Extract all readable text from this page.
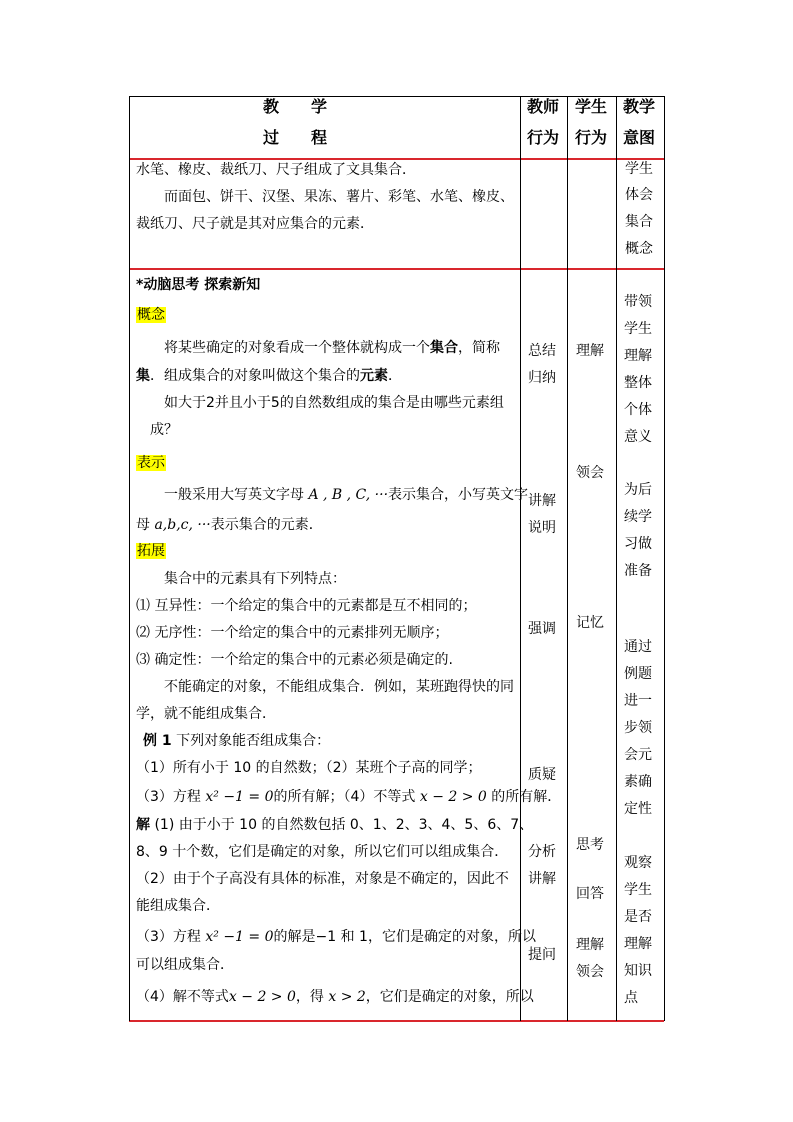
教　　学
过　　程
教师
行为
学生
行为
教学
意图
水笔、橡皮、裁纸刀、尺子组成了文具集合．
　　而面包、饼干、汉堡、果冻、薯片、彩笔、水笔、橡皮、
裁纸刀、尺子就是其对应集合的元素．
学生
体会
集合
概念
*动脑思考 探索新知
概念
　　将某些确定的对象看成一个整体就构成一个集合，简称
集．组成集合的对象叫做这个集合的元素．
　　如大于2并且小于5的自然数组成的集合是由哪些元素组
　成？
表示
　　一般采用大写英文字母 A , B , C, ···表示集合，小写英文字
母 a,b,c, ···表示集合的元素．
拓展
　　集合中的元素具有下列特点：
⑴ 互异性：一个给定的集合中的元素都是互不相同的；
⑵ 无序性：一个给定的集合中的元素排列无顺序；
⑶ 确定性：一个给定的集合中的元素必须是确定的.
　　不能确定的对象，不能组成集合．例如，某班跑得快的同
学，就不能组成集合．
例 1 下列对象能否组成集合：
（1）所有小于 10 的自然数；（2）某班个子高的同学；
（3）方程 x² −1 = 0的所有解；（4）不等式 x − 2 > 0 的所有解．
解 (1) 由于小于 10 的自然数包括 0、1、2、3、4、5、6、7、
8、9 十个数，它们是确定的对象，所以它们可以组成集合．
（2）由于个子高没有具体的标准，对象是不确定的，因此不
能组成集合．
（3）方程 x² −1 = 0的解是−1 和 1，它们是确定的对象，所以
可以组成集合．
（4）解不等式x − 2 > 0，得 x > 2，它们是确定的对象，所以
总结
归纳
讲解
说明
强调
质疑
分析
讲解
提问
理解
领会
记忆
思考
回答
理解
领会
带领
学生
理解
整体
个体
意义
为后
续学
习做
准备
通过
例题
进一
步领
会元
素确
定性
观察
学生
是否
理解
知识
点
